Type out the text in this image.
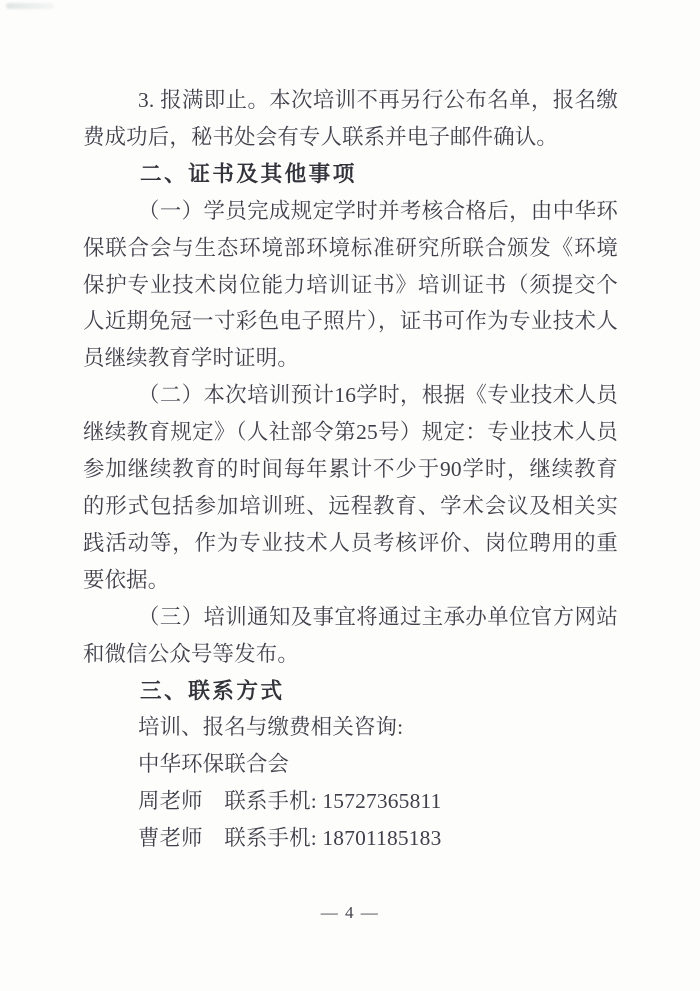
3. 报满即止。本次培训不再另行公布名单，报名缴费成功后，秘书处会有专人联系并电子邮件确认。

二、证书及其他事项

（一）学员完成规定学时并考核合格后，由中华环保联合会与生态环境部环境标准研究所联合颁发《环境保护专业技术岗位能力培训证书》培训证书（须提交个人近期免冠一寸彩色电子照片），证书可作为专业技术人员继续教育学时证明。

（二）本次培训预计16学时，根据《专业技术人员继续教育规定》（人社部令第25号）规定：专业技术人员参加继续教育的时间每年累计不少于90学时，继续教育的形式包括参加培训班、远程教育、学术会议及相关实践活动等，作为专业技术人员考核评价、岗位聘用的重要依据。

（三）培训通知及事宜将通过主承办单位官方网站和微信公众号等发布。

三、联系方式

培训、报名与缴费相关咨询:

中华环保联合会

周老师　联系手机: 15727365811

曹老师　联系手机: 18701185183

— 4 —
